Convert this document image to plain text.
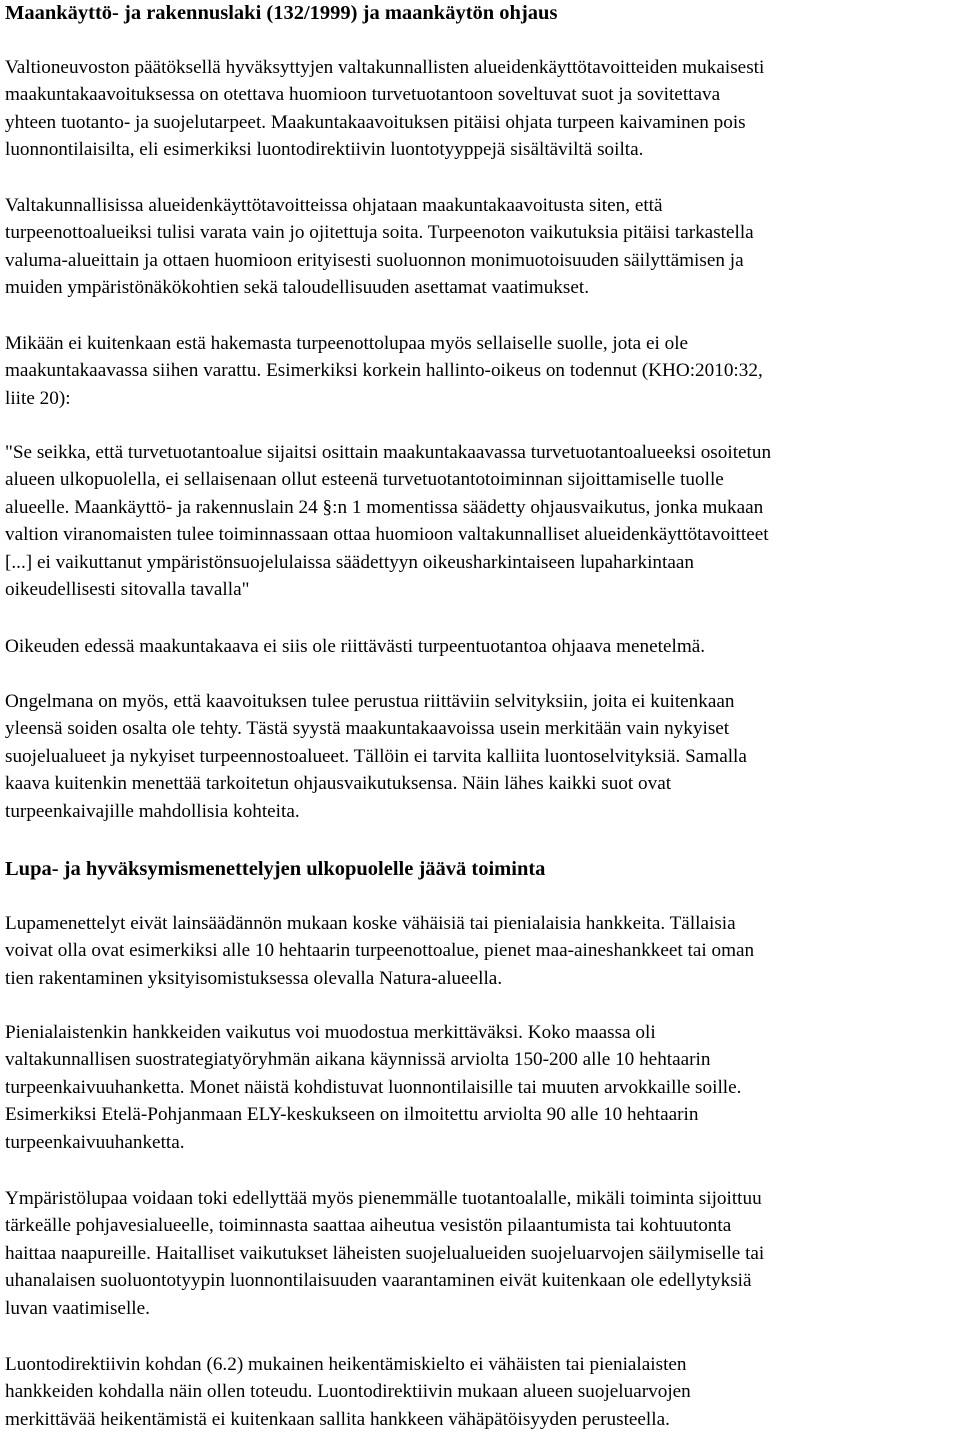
Maankäyttö- ja rakennuslaki (132/1999) ja maankäytön ohjaus

Valtioneuvoston päätöksellä hyväksyttyjen valtakunnallisten alueidenkäyttötavoitteiden mukaisesti
maakuntakaavoituksessa on otettava huomioon turvetuotantoon soveltuvat suot ja sovitettava
yhteen tuotanto- ja suojelutarpeet. Maakuntakaavoituksen pitäisi ohjata turpeen kaivaminen pois
luonnontilaisilta, eli esimerkiksi luontodirektiivin luontotyyppejä sisältäviltä soilta.

Valtakunnallisissa alueidenkäyttötavoitteissa ohjataan maakuntakaavoitusta siten, että
turpeenottoalueiksi tulisi varata vain jo ojitettuja soita. Turpeenoton vaikutuksia pitäisi tarkastella
valuma-alueittain ja ottaen huomioon erityisesti suoluonnon monimuotoisuuden säilyttämisen ja
muiden ympäristönäkökohtien sekä taloudellisuuden asettamat vaatimukset.

Mikään ei kuitenkaan estä hakemasta turpeenottolupaa myös sellaiselle suolle, jota ei ole
maakuntakaavassa siihen varattu. Esimerkiksi korkein hallinto-oikeus on todennut (KHO:2010:32,
liite 20):

"Se seikka, että turvetuotantoalue sijaitsi osittain maakuntakaavassa turvetuotantoalueeksi osoitetun
alueen ulkopuolella, ei sellaisenaan ollut esteenä turvetuotantotoiminnan sijoittamiselle tuolle
alueelle. Maankäyttö- ja rakennuslain 24 §:n 1 momentissa säädetty ohjausvaikutus, jonka mukaan
valtion viranomaisten tulee toiminnassaan ottaa huomioon valtakunnalliset alueidenkäyttötavoitteet
[...] ei vaikuttanut ympäristönsuojelulaissa säädettyyn oikeusharkintaiseen lupaharkintaan
oikeudellisesti sitovalla tavalla"

Oikeuden edessä maakuntakaava ei siis ole riittävästi turpeentuotantoa ohjaava menetelmä.

Ongelmana on myös, että kaavoituksen tulee perustua riittäviin selvityksiin, joita ei kuitenkaan
yleensä soiden osalta ole tehty. Tästä syystä maakuntakaavoissa usein merkitään vain nykyiset
suojelualueet ja nykyiset turpeennostoalueet. Tällöin ei tarvita kalliita luontoselvityksiä. Samalla
kaava kuitenkin menettää tarkoitetun ohjausvaikutuksensa. Näin lähes kaikki suot ovat
turpeenkaivajille mahdollisia kohteita.

Lupa- ja hyväksymismenettelyjen ulkopuolelle jäävä toiminta

Lupamenettelyt eivät lainsäädännön mukaan koske vähäisiä tai pienialaisia hankkeita. Tällaisia
voivat olla ovat esimerkiksi alle 10 hehtaarin turpeenottoalue, pienet maa-aineshankkeet tai oman
tien rakentaminen yksityisomistuksessa olevalla Natura-alueella.

Pienialaistenkin hankkeiden vaikutus voi muodostua merkittäväksi. Koko maassa oli
valtakunnallisen suostrategiatyöryhmän aikana käynnissä arviolta 150-200 alle 10 hehtaarin
turpeenkaivuuhanketta. Monet näistä kohdistuvat luonnontilaisille tai muuten arvokkaille soille.
Esimerkiksi Etelä-Pohjanmaan ELY-keskukseen on ilmoitettu arviolta 90 alle 10 hehtaarin
turpeenkaivuuhanketta.

Ympäristölupaa voidaan toki edellyttää myös pienemmälle tuotantoalalle, mikäli toiminta sijoittuu
tärkeälle pohjavesialueelle, toiminnasta saattaa aiheutua vesistön pilaantumista tai kohtuutonta
haittaa naapureille. Haitalliset vaikutukset läheisten suojelualueiden suojeluarvojen säilymiselle tai
uhanalaisen suoluontotyypin luonnontilaisuuden vaarantaminen eivät kuitenkaan ole edellytyksiä
luvan vaatimiselle.

Luontodirektiivin kohdan (6.2) mukainen heikentämiskielto ei vähäisten tai pienialaisten
hankkeiden kohdalla näin ollen toteudu. Luontodirektiivin mukaan alueen suojeluarvojen
merkittävää heikentämistä ei kuitenkaan sallita hankkeen vähäpätöisyyden perusteella.
